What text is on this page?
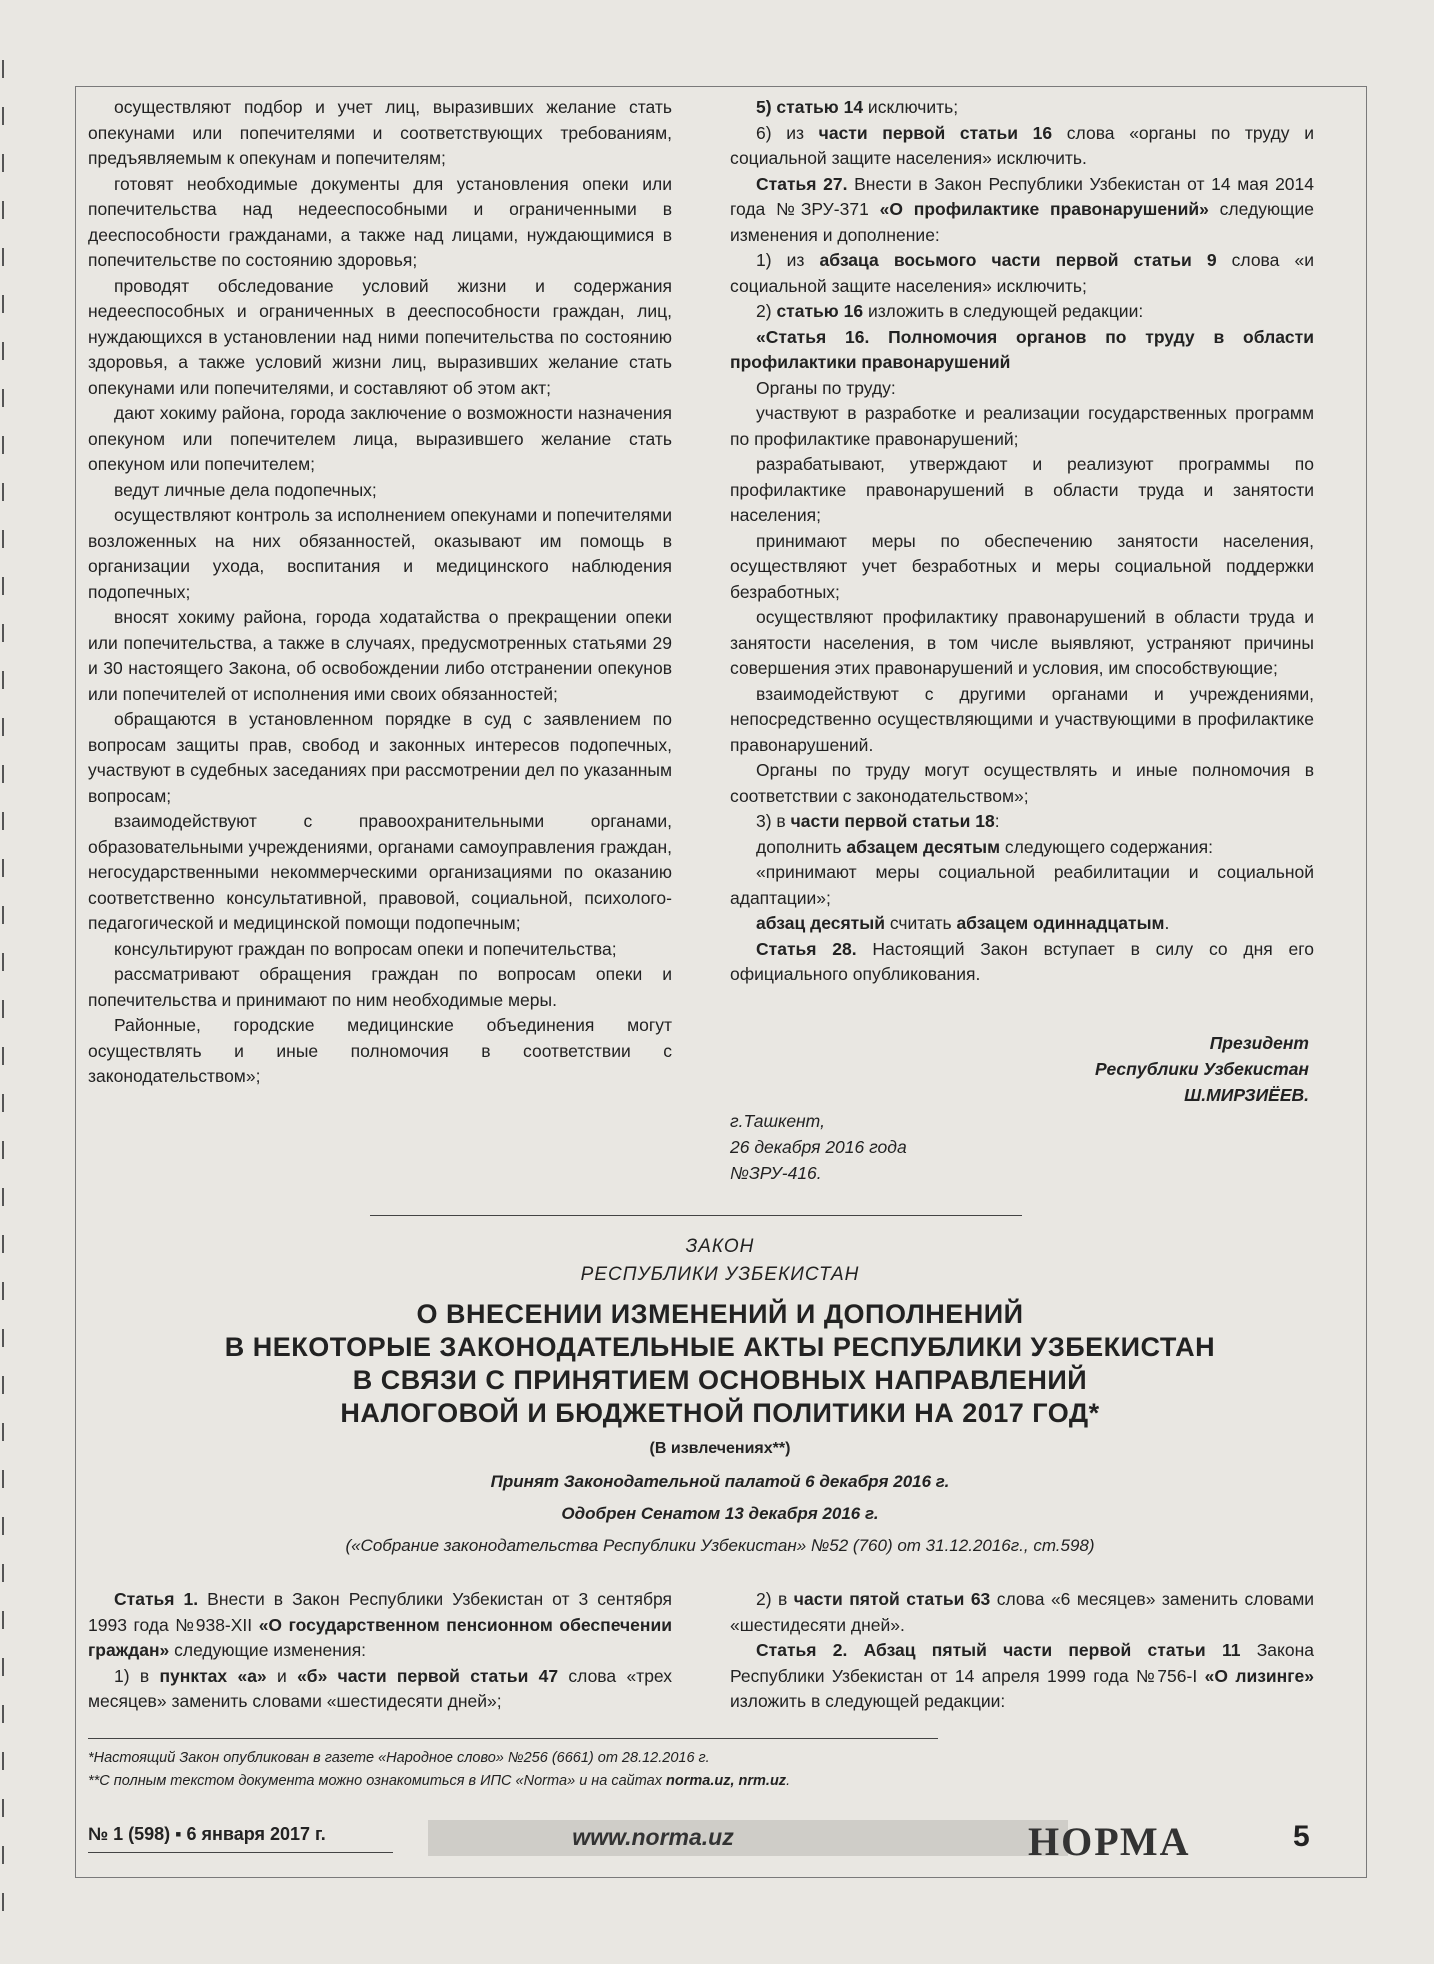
осуществляют подбор и учет лиц, выразивших желание стать опекунами или попечителями и соответствующих требованиям, предъявляемым к опекунам и попечителям;

готовят необходимые документы для установления опеки или попечительства над недееспособными и ограниченными в дееспособности гражданами, а также над лицами, нуждающимися в попечительстве по состоянию здоровья;

проводят обследование условий жизни и содержания недееспособных и ограниченных в дееспособности граждан, лиц, нуждающихся в установлении над ними попечительства по состоянию здоровья, а также условий жизни лиц, выразивших желание стать опекунами или попечителями, и составляют об этом акт;

дают хокиму района, города заключение о возможности назначения опекуном или попечителем лица, выразившего желание стать опекуном или попечителем;

ведут личные дела подопечных;

осуществляют контроль за исполнением опекунами и попечителями возложенных на них обязанностей, оказывают им помощь в организации ухода, воспитания и медицинского наблюдения подопечных;

вносят хокиму района, города ходатайства о прекращении опеки или попечительства, а также в случаях, предусмотренных статьями 29 и 30 настоящего Закона, об освобождении либо отстранении опекунов или попечителей от исполнения ими своих обязанностей;

обращаются в установленном порядке в суд с заявлением по вопросам защиты прав, свобод и законных интересов подопечных, участвуют в судебных заседаниях при рассмотрении дел по указанным вопросам;

взаимодействуют с правоохранительными органами, образовательными учреждениями, органами самоуправления граждан, негосударственными некоммерческими организациями по оказанию соответственно консультативной, правовой, социальной, психолого-педагогической и медицинской помощи подопечным;

консультируют граждан по вопросам опеки и попечительства;

рассматривают обращения граждан по вопросам опеки и попечительства и принимают по ним необходимые меры.

Районные, городские медицинские объединения могут осуществлять и иные полномочия в соответствии с законодательством»;

5) статью 14 исключить;

6) из части первой статьи 16 слова «органы по труду и социальной защите населения» исключить.

Статья 27. Внести в Закон Республики Узбекистан от 14 мая 2014 года №ЗРУ-371 «О профилактике правонарушений» следующие изменения и дополнение:

1) из абзаца восьмого части первой статьи 9 слова «и социальной защите населения» исключить;

2) статью 16 изложить в следующей редакции:

«Статья 16. Полномочия органов по труду в области профилактики правонарушений

Органы по труду:

участвуют в разработке и реализации государственных программ по профилактике правонарушений;

разрабатывают, утверждают и реализуют программы по профилактике правонарушений в области труда и занятости населения;

принимают меры по обеспечению занятости населения, осуществляют учет безработных и меры социальной поддержки безработных;

осуществляют профилактику правонарушений в области труда и занятости населения, в том числе выявляют, устраняют причины совершения этих правонарушений и условия, им способствующие;

взаимодействуют с другими органами и учреждениями, непосредственно осуществляющими и участвующими в профилактике правонарушений.

Органы по труду могут осуществлять и иные полномочия в соответствии с законодательством»;

3) в части первой статьи 18:

дополнить абзацем десятым следующего содержания:

«принимают меры социальной реабилитации и социальной адаптации»;

абзац десятый считать абзацем одиннадцатым.

Статья 28. Настоящий Закон вступает в силу со дня его официального опубликования.

Президент
Республики Узбекистан
Ш.МИРЗИЁЕВ.
г.Ташкент,
26 декабря 2016 года
№ЗРУ-416.
ЗАКОН
РЕСПУБЛИКИ УЗБЕКИСТАН
О ВНЕСЕНИИ ИЗМЕНЕНИЙ И ДОПОЛНЕНИЙ
В НЕКОТОРЫЕ ЗАКОНОДАТЕЛЬНЫЕ АКТЫ РЕСПУБЛИКИ УЗБЕКИСТАН
В СВЯЗИ С ПРИНЯТИЕМ ОСНОВНЫХ НАПРАВЛЕНИЙ
НАЛОГОВОЙ И БЮДЖЕТНОЙ ПОЛИТИКИ НА 2017 ГОД*
(В извлечениях**)
Принят Законодательной палатой 6 декабря 2016 г.
Одобрен Сенатом 13 декабря 2016 г.
(«Собрание законодательства Республики Узбекистан» №52 (760) от 31.12.2016г., ст.598)

Статья 1. Внести в Закон Республики Узбекистан от 3 сентября 1993 года №938-XII «О государственном пенсионном обеспечении граждан» следующие изменения:

1) в пунктах «а» и «б» части первой статьи 47 слова «трех месяцев» заменить словами «шестидесяти дней»;

2) в части пятой статьи 63 слова «6 месяцев» заменить словами «шестидесяти дней».

Статья 2. Абзац пятый части первой статьи 11 Закона Республики Узбекистан от 14 апреля 1999 года №756-I «О лизинге» изложить в следующей редакции:

*Настоящий Закон опубликован в газете «Народное слово» №256 (6661) от 28.12.2016 г.
**С полным текстом документа можно ознакомиться в ИПС «Norma» и на сайтах norma.uz, nrm.uz.
№ 1 (598) ▪ 6 января 2017 г.	www.norma.uz	НОРМА	5
